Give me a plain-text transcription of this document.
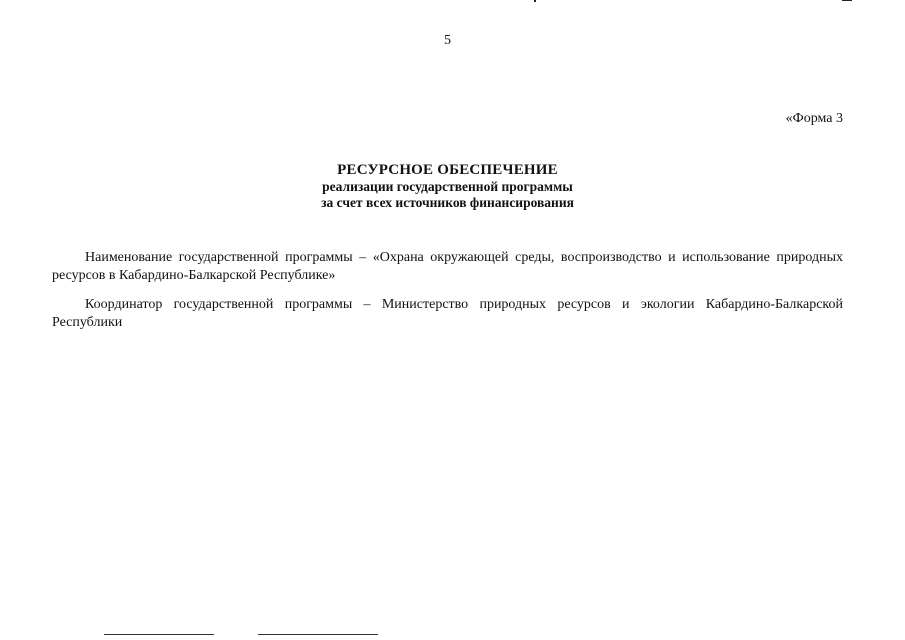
5
«Форма 3
РЕСУРСНОЕ ОБЕСПЕЧЕНИЕ
реализации государственной программы
за счет всех источников финансирования

Наименование государственной программы – «Охрана окружающей среды, воспроизводство и использование природных ресурсов в Кабардино-Балкарской Республике»

Координатор государственной программы – Министерство природных ресурсов и экологии Кабардино-Балкарской Республики
